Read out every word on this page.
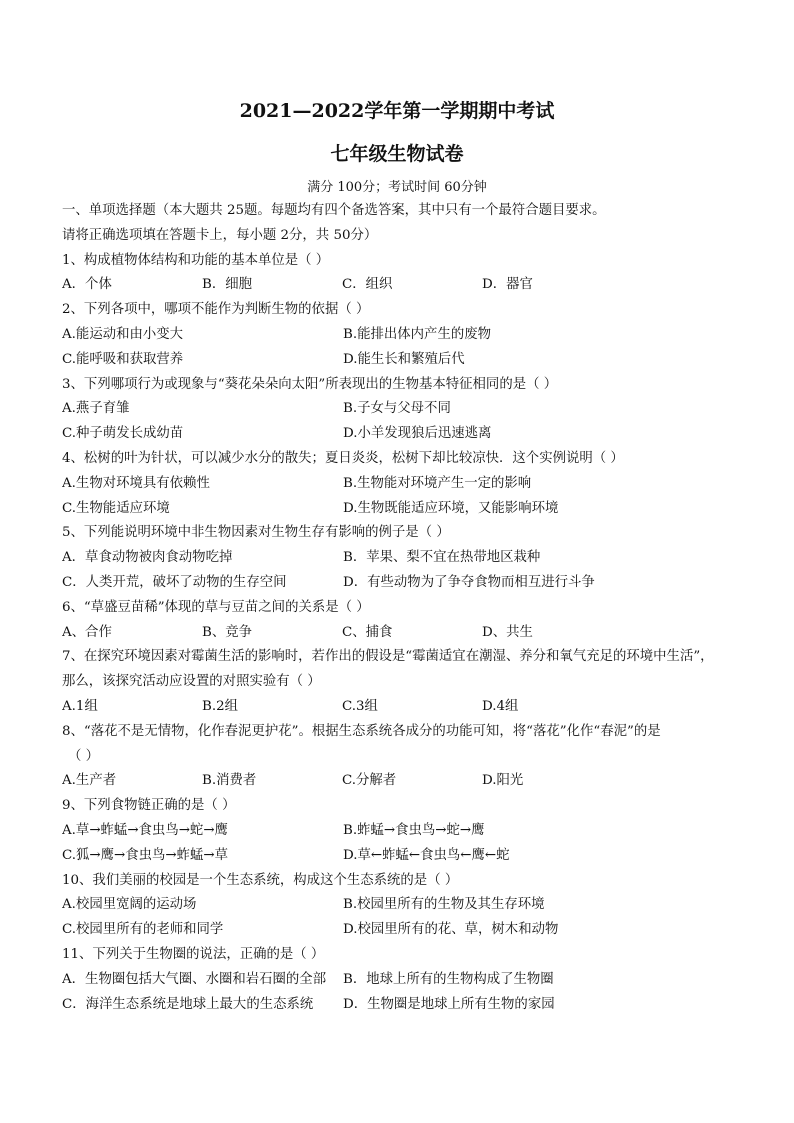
2021—2022学年第一学期期中考试
七年级生物试卷
满分 100分；考试时间 60分钟
一、单项选择题（本大题共 25题。每题均有四个备选答案，其中只有一个最符合题目要求。
请将正确选项填在答题卡上，每小题 2分，共 50分）
1、构成植物体结构和功能的基本单位是（ ）
A．个体	B．细胞	C．组织	D．器官
2、下列各项中，哪项不能作为判断生物的依据（ ）
A.能运动和由小变大	B.能排出体内产生的废物
C.能呼吸和获取营养	D.能生长和繁殖后代
3、下列哪项行为或现象与“葵花朵朵向太阳”所表现出的生物基本特征相同的是（ ）
A.燕子育雏	B.子女与父母不同
C.种子萌发长成幼苗	D.小羊发现狼后迅速逃离
4、松树的叶为针状，可以减少水分的散失；夏日炎炎，松树下却比较凉快．这个实例说明（ ）
A.生物对环境具有依赖性	B.生物能对环境产生一定的影响
C.生物能适应环境	D.生物既能适应环境，又能影响环境
5、下列能说明环境中非生物因素对生物生存有影响的例子是（ ）
A．草食动物被肉食动物吃掉	B．苹果、梨不宜在热带地区栽种
C．人类开荒，破坏了动物的生存空间	D．有些动物为了争夺食物而相互进行斗争
6、“草盛豆苗稀”体现的草与豆苗之间的关系是（ ）
A、合作	B、竞争	C、捕食	D、共生
7、在探究环境因素对霉菌生活的影响时，若作出的假设是“霉菌适宜在潮湿、养分和氧气充足的环境中生活”，
那么，该探究活动应设置的对照实验有（ ）
A.1组	B.2组	C.3组	D.4组
8、“落花不是无情物，化作春泥更护花”。根据生态系统各成分的功能可知，将“落花”化作“春泥”的是
（ ）
A.生产者	B.消费者	C.分解者	D.阳光
9、下列食物链正确的是（ ）
A.草→蚱蜢→食虫鸟→蛇→鹰	B.蚱蜢→食虫鸟→蛇→鹰
C.狐→鹰→食虫鸟→蚱蜢→草	D.草←蚱蜢←食虫鸟←鹰←蛇
10、我们美丽的校园是一个生态系统，构成这个生态系统的是（ ）
A.校园里宽阔的运动场	B.校园里所有的生物及其生存环境
C.校园里所有的老师和同学	D.校园里所有的花、草，树木和动物
11、下列关于生物圈的说法，正确的是（ ）
A．生物圈包括大气圈、水圈和岩石圈的全部	B．地球上所有的生物构成了生物圈
C．海洋生态系统是地球上最大的生态系统	D．生物圈是地球上所有生物的家园
